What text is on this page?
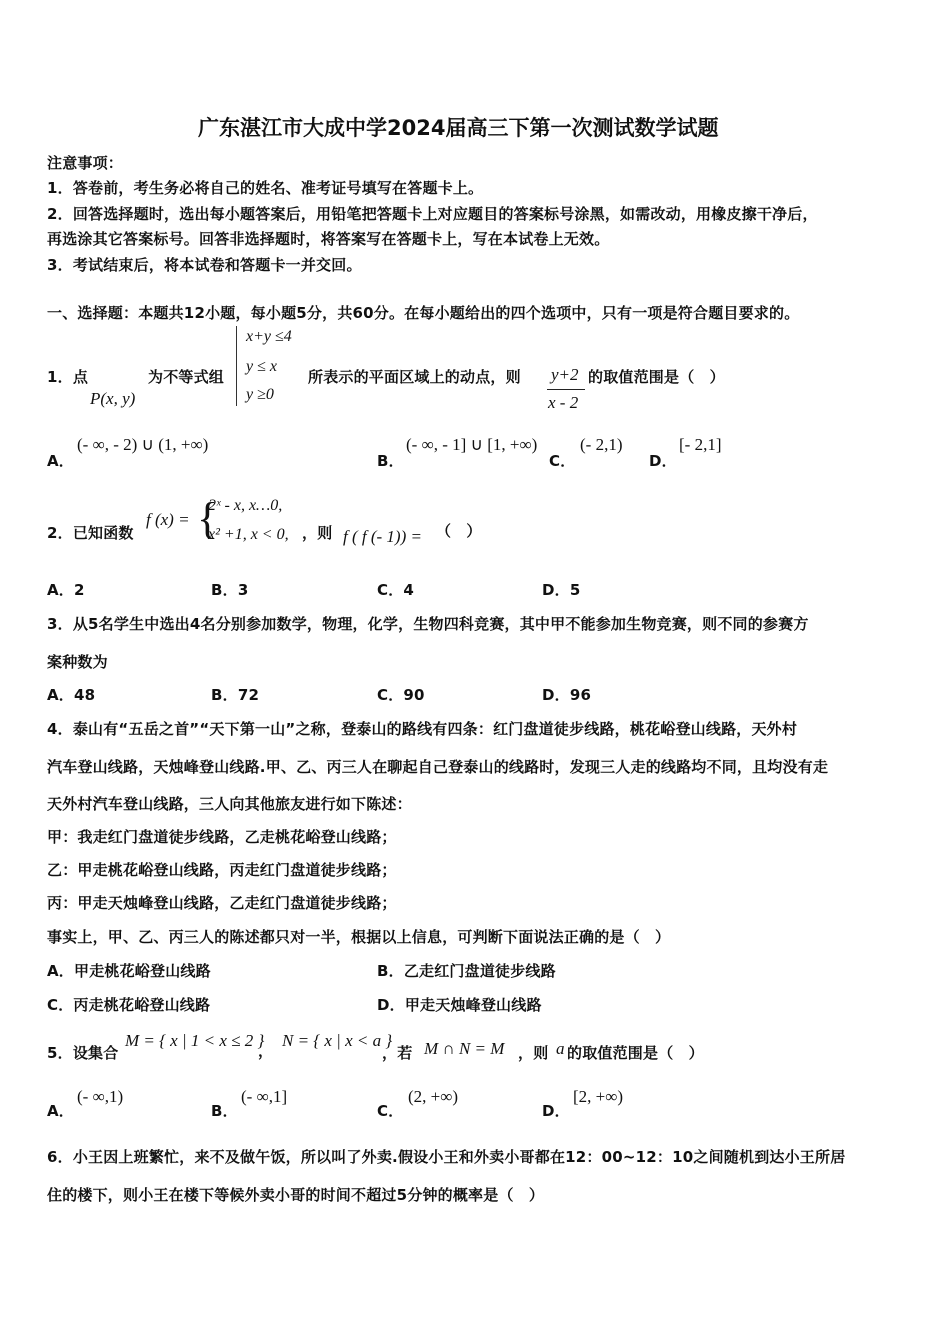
广东湛江市大成中学2024届高三下第一次测试数学试题
注意事项：
1．答卷前，考生务必将自己的姓名、准考证号填写在答题卡上。
2．回答选择题时，选出每小题答案后，用铅笔把答题卡上对应题目的答案标号涂黑，如需改动，用橡皮擦干净后，
再选涂其它答案标号。回答非选择题时，将答案写在答题卡上，写在本试卷上无效。
3．考试结束后，将本试卷和答题卡一并交回。
一、选择题：本题共12小题，每小题5分，共60分。在每小题给出的四个选项中，只有一项是符合题目要求的。
1．点
P(x, y)
为不等式组
x+y ≤4
y ≤ x
y ≥0
所表示的平面区域上的动点，则 y+2
x - 2
的取值范围是（　）
A．
(- ∞, - 2) ∪ (1, +∞)
B．
(- ∞, - 1] ∪ [1, +∞)
C．
(- 2,1)
D．
[- 2,1]
2．已知函数
f (x) = {
2ˣ - x, x…0,
x² +1, x < 0, ，则 f ( f (- 1)) = （　）
A．2	B．3	C．4	D．5
3．从5名学生中选出4名分别参加数学，物理，化学，生物四科竞赛，其中甲不能参加生物竞赛，则不同的参赛方
案种数为
A．48	B．72	C．90	D．96
4．泰山有“五岳之首”“天下第一山”之称，登泰山的路线有四条：红门盘道徒步线路，桃花峪登山线路，天外村
汽车登山线路，天烛峰登山线路.甲、乙、丙三人在聊起自己登泰山的线路时，发现三人走的线路均不同，且均没有走
天外村汽车登山线路，三人向其他旅友进行如下陈述：
甲：我走红门盘道徒步线路，乙走桃花峪登山线路；
乙：甲走桃花峪登山线路，丙走红门盘道徒步线路；
丙：甲走天烛峰登山线路，乙走红门盘道徒步线路；
事实上，甲、乙、丙三人的陈述都只对一半，根据以上信息，可判断下面说法正确的是（　）
A．甲走桃花峪登山线路	B．乙走红门盘道徒步线路
C．丙走桃花峪登山线路	D．甲走天烛峰登山线路
5．设集合
M = { x | 1 < x ≤ 2 }
，
N = { x | x < a }
，若 M ∩ N = M ，则 a 的取值范围是（　）
A．
(- ∞,1)
B．
(- ∞,1]
C．
(2, +∞)
D．
[2, +∞)
6．小王因上班繁忙，来不及做午饭，所以叫了外卖.假设小王和外卖小哥都在12：00~12：10之间随机到达小王所居
住的楼下，则小王在楼下等候外卖小哥的时间不超过5分钟的概率是（　）
